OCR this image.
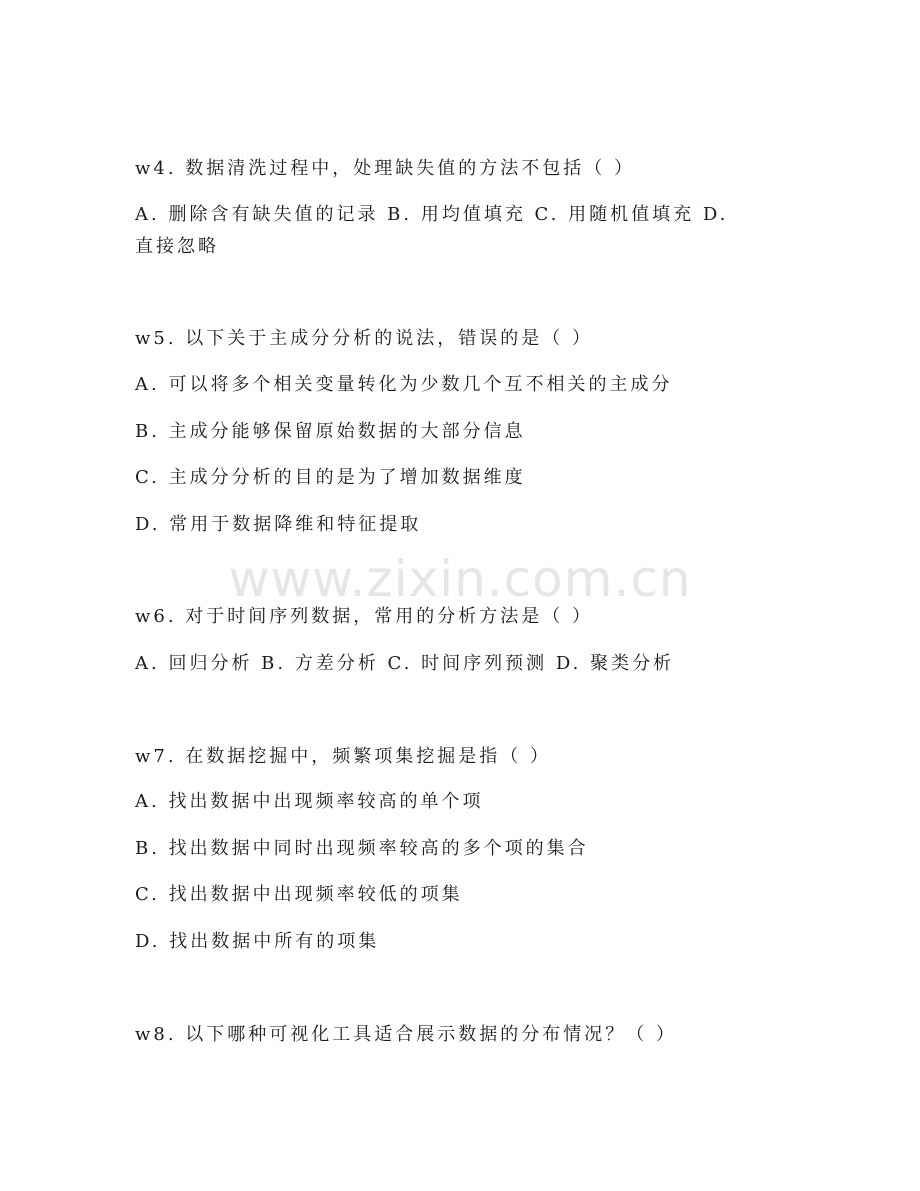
www.zixin.com.cn
w4. 数据清洗过程中，处理缺失值的方法不包括（ ）
A. 删除含有缺失值的记录 B. 用均值填充 C. 用随机值填充 D.
直接忽略
w5. 以下关于主成分分析的说法，错误的是（ ）
A. 可以将多个相关变量转化为少数几个互不相关的主成分
B. 主成分能够保留原始数据的大部分信息
C. 主成分分析的目的是为了增加数据维度
D. 常用于数据降维和特征提取
w6. 对于时间序列数据，常用的分析方法是（ ）
A. 回归分析 B. 方差分析 C. 时间序列预测 D. 聚类分析
w7. 在数据挖掘中，频繁项集挖掘是指（ ）
A. 找出数据中出现频率较高的单个项
B. 找出数据中同时出现频率较高的多个项的集合
C. 找出数据中出现频率较低的项集
D. 找出数据中所有的项集
w8. 以下哪种可视化工具适合展示数据的分布情况？（ ）
